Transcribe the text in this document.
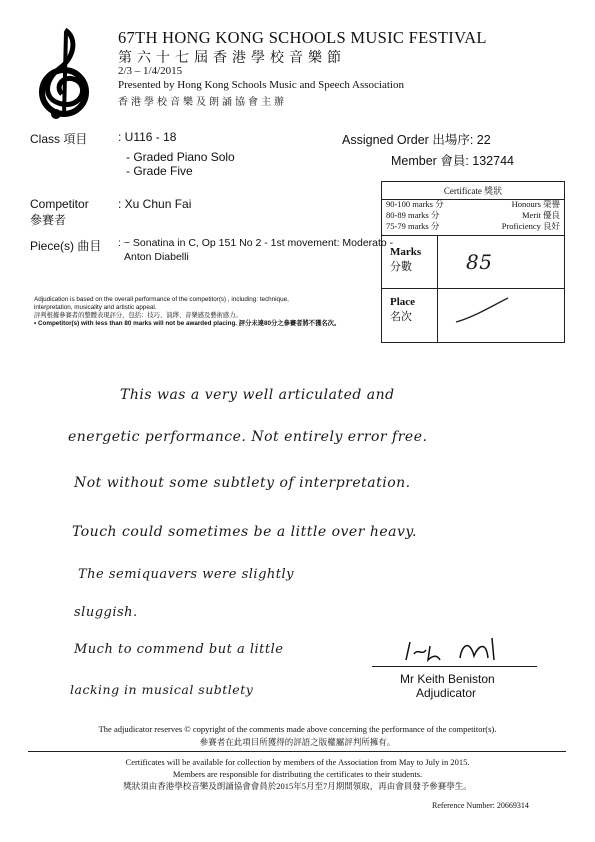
67TH HONG KONG SCHOOLS MUSIC FESTIVAL
第六十七屆香港學校音樂節
2/3 – 1/4/2015
Presented by Hong Kong Schools Music and Speech Association
香港學校音樂及朗誦協會主辦
Class 項目	: U116 - 18
- Graded Piano Solo
- Grade Five
Assigned Order 出場序: 22
Member 會員: 132744
Competitor
參賽者
: Xu Chun Fai
Piece(s) 曲目 : ~ Sonatina in C, Op 151 No 2 - 1st movement: Moderato -
Anton Diabelli
Certificate 獎狀
90-100 marks 分	Honours 榮譽
80-89 marks 分	Merit 優良
75-79 marks 分	Proficiency 良好
Marks
分數	85
Place
名次
Adjudication is based on the overall performance of the competitor(s) , including: technique,
interpretation, musicality and artistic appeal.
評判根據參賽者的整體表現評分，包括：技巧、演繹、音樂感及藝術感力。
• Competitor(s) with less than 80 marks will not be awarded placing. 評分未達80分之參賽者將不獲名次。
This was a very well articulated and
energetic performance. Not entirely error free.
Not without some subtlety of interpretation.
Touch could sometimes be a little over heavy.
The semiquavers were slightly
sluggish.
Much to commend but a little
lacking in musical subtlety
Mr Keith Beniston
Adjudicator
The adjudicator reserves © copyright of the comments made above concerning the performance of the competitor(s).
參賽者在此項目所獲得的評語之版權屬評判所擁有。
Certificates will be available for collection by members of the Association from May to July in 2015.
Members are responsible for distributing the certificates to their students.
獎狀須由香港學校音樂及朗誦協會會員於2015年5月至7月期間領取，再由會員發予參賽學生。
Reference Number: 20669314
